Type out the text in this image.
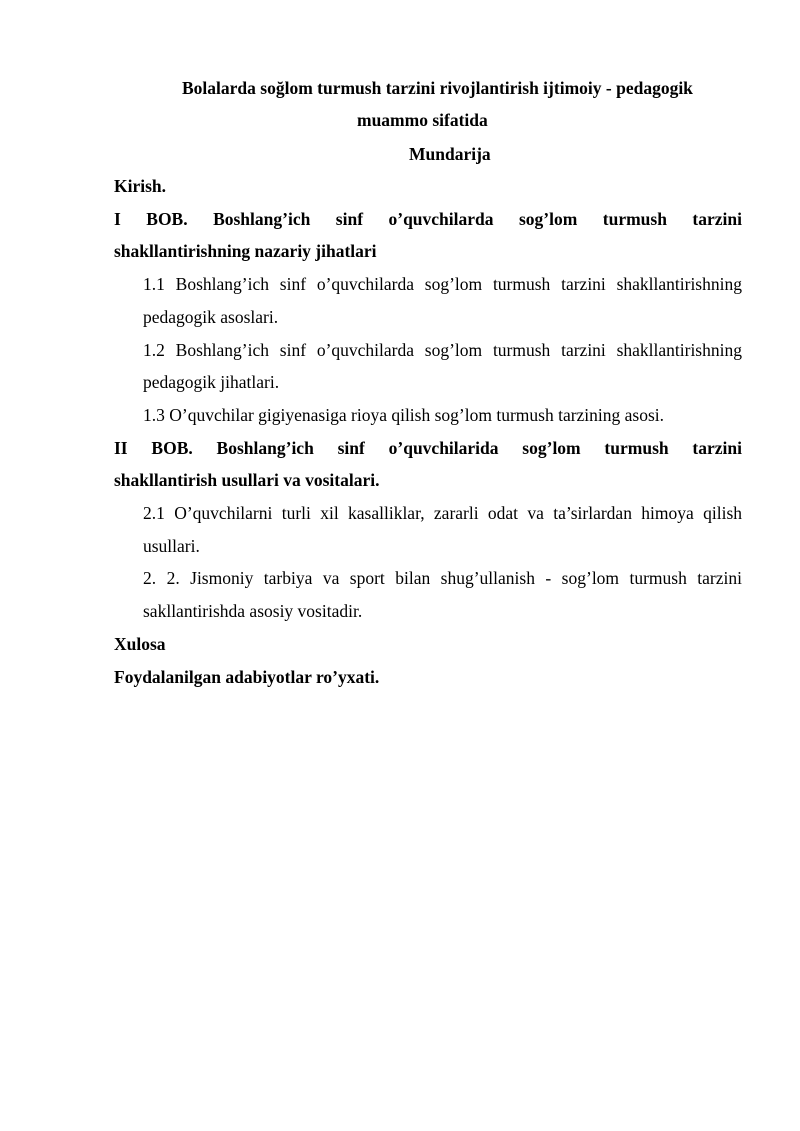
Bolalarda soğlom turmush tarzini rivojlantirish ijtimoiy - pedagogik
muammo sifatida
Mundarija
Kirish.
I BOB. Boshlang’ich sinf o’quvchilarda sog’lom turmush tarzini
shakllantirishning nazariy jihatlari
1.1 Boshlang’ich sinf o’quvchilarda sog’lom turmush tarzini shakllantirishning
pedagogik asoslari.
1.2 Boshlang’ich sinf o’quvchilarda sog’lom turmush tarzini shakllantirishning
pedagogik jihatlari.
1.3 O’quvchilar gigiyenasiga rioya qilish sog’lom turmush tarzining asosi.
II BOB. Boshlang’ich sinf o’quvchilarida sog’lom turmush tarzini
shakllantirish usullari va vositalari.
2.1 O’quvchilarni turli xil kasalliklar, zararli odat va ta’sirlardan himoya qilish
usullari.
2. 2. Jismoniy tarbiya va sport bilan shug’ullanish - sog’lom turmush tarzini
sakllantirishda asosiy vositadir.
Xulosa
Foydalanilgan adabiyotlar ro’yxati.
